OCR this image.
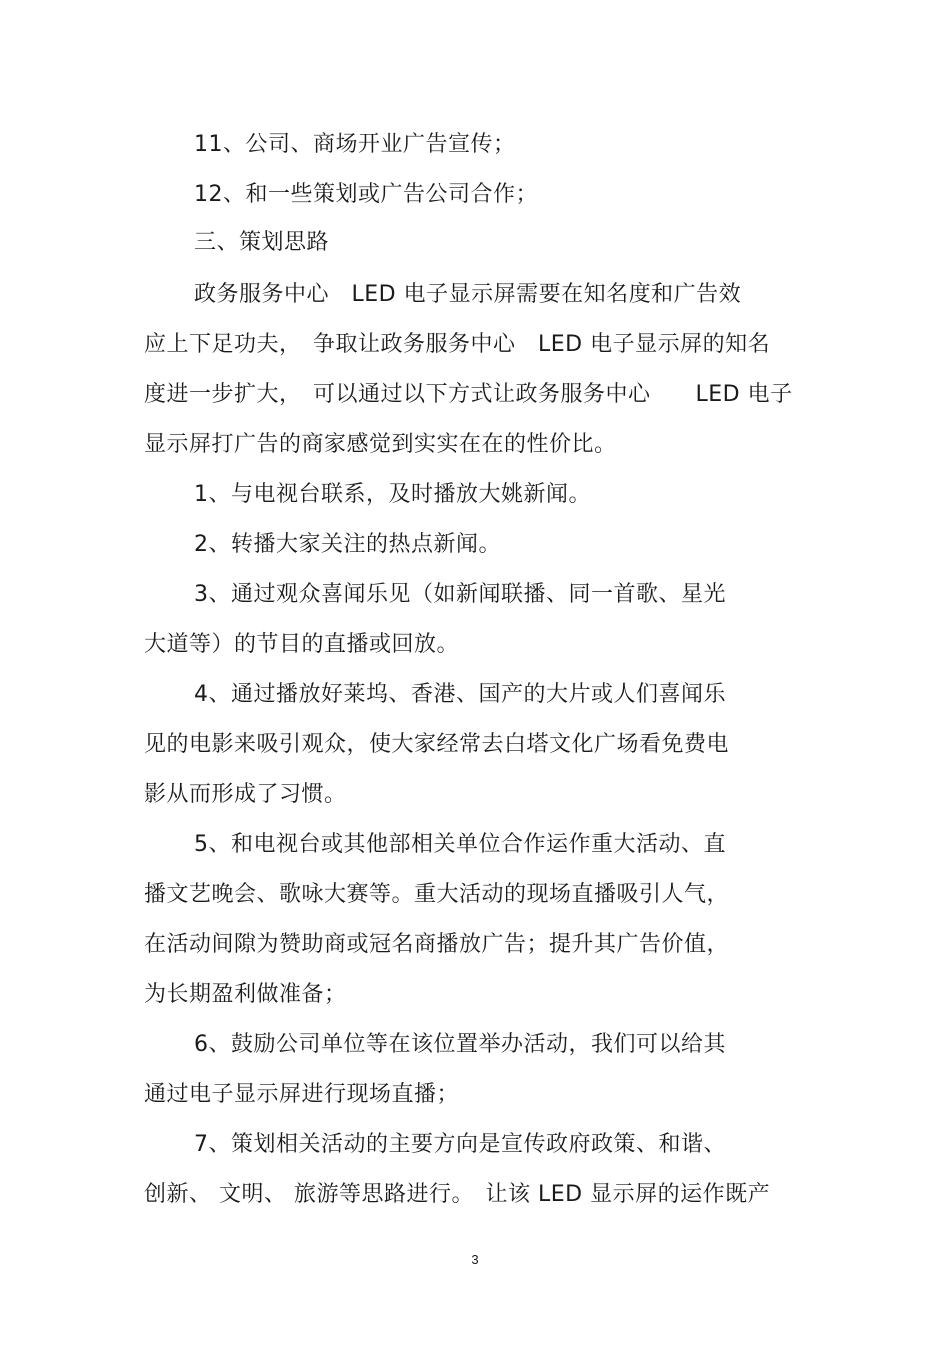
11、公司、商场开业广告宣传；
12、和一些策划或广告公司合作；
三、策划思路
政务服务中心　LED 电子显示屏需要在知名度和广告效
应上下足功夫，　争取让政务服务中心　LED 电子显示屏的知名
度进一步扩大，　可以通过以下方式让政务服务中心　　LED 电子
显示屏打广告的商家感觉到实实在在的性价比。
1、与电视台联系，及时播放大姚新闻。
2、转播大家关注的热点新闻。
3、通过观众喜闻乐见（如新闻联播、同一首歌、星光
大道等）的节目的直播或回放。
4、通过播放好莱坞、香港、国产的大片或人们喜闻乐
见的电影来吸引观众，使大家经常去白塔文化广场看免费电
影从而形成了习惯。
5、和电视台或其他部相关单位合作运作重大活动、直
播文艺晚会、歌咏大赛等。重大活动的现场直播吸引人气，
在活动间隙为赞助商或冠名商播放广告；提升其广告价值，
为长期盈利做准备；
6、鼓励公司单位等在该位置举办活动，我们可以给其
通过电子显示屏进行现场直播；
7、策划相关活动的主要方向是宣传政府政策、和谐、
创新、 文明、 旅游等思路进行。　让该 LED 显示屏的运作既产
3
